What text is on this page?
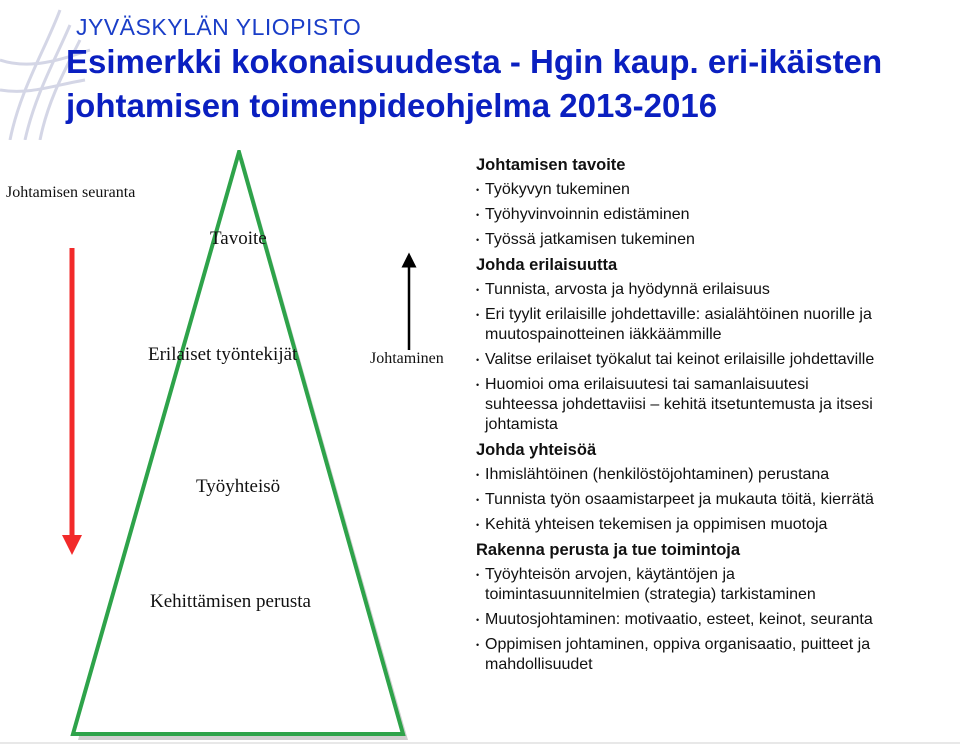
JYVÄSKYLÄN YLIOPISTO
Esimerkki kokonaisuudesta - Hgin kaup. eri-ikäisten
johtamisen toimenpideohjelma 2013-2016
Johtamisen seuranta
Tavoite
Erilaiset työntekijät
Työyhteisö
Kehittämisen perusta
Johtaminen

Johtamisen tavoite

• Työkyvyn tukeminen

• Työhyvinvoinnin edistäminen

• Työssä jatkamisen tukeminen

Johda erilaisuutta

• Tunnista, arvosta ja hyödynnä erilaisuus

• Eri tyylit erilaisille johdettaville: asialähtöinen nuorille ja
muutospainotteinen iäkkäämmille

• Valitse erilaiset työkalut tai keinot erilaisille johdettaville

• Huomioi oma erilaisuutesi tai samanlaisuutesi
suhteessa johdettaviisi – kehitä itsetuntemusta ja itsesi
johtamista

Johda yhteisöä

• Ihmislähtöinen (henkilöstöjohtaminen) perustana

• Tunnista työn osaamistarpeet ja mukauta töitä, kierrätä

• Kehitä yhteisen tekemisen ja oppimisen muotoja

Rakenna perusta ja tue toimintoja

• Työyhteisön arvojen, käytäntöjen ja
toimintasuunnitelmien (strategia) tarkistaminen

• Muutosjohtaminen: motivaatio, esteet, keinot, seuranta

• Oppimisen johtaminen, oppiva organisaatio, puitteet ja
mahdollisuudet
